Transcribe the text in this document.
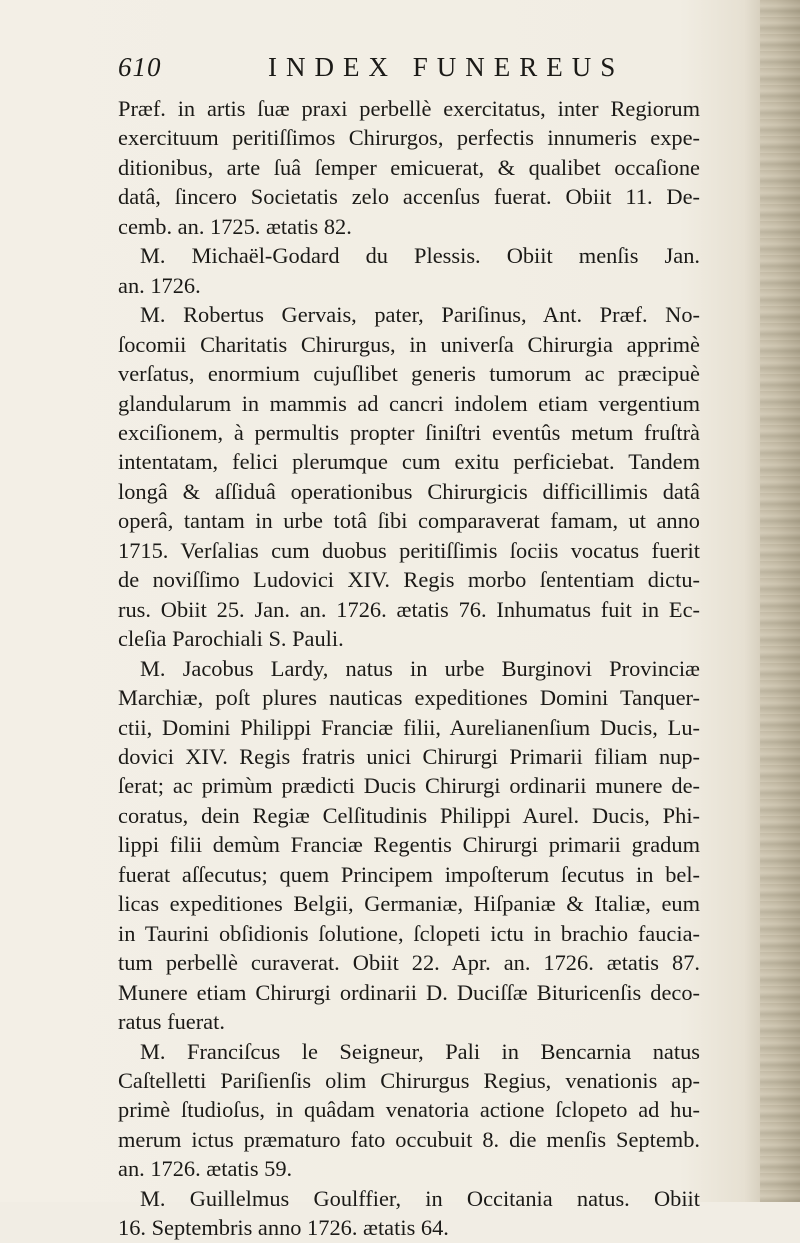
610	INDEX FUNEREUS
Præf. in artis ſuæ praxi perbellè exercitatus, inter Regiorum
exercituum peritiſſimos Chirurgos, perfectis innumeris expe-
ditionibus, arte ſuâ ſemper emicuerat, & qualibet occaſione
datâ, ſincero Societatis zelo accenſus fuerat. Obiit 11. De-
cemb. an. 1725. ætatis 82.
M. Michaël-Godard du Plessis. Obiit menſis Jan.
an. 1726.
M. Robertus Gervais, pater, Pariſinus, Ant. Præf. No-
ſocomii Charitatis Chirurgus, in univerſa Chirurgia apprimè
verſatus, enormium cujuſlibet generis tumorum ac præcipuè
glandularum in mammis ad cancri indolem etiam vergentium
exciſionem, à permultis propter ſiniſtri eventûs metum fruſtrà
intentatam, felici plerumque cum exitu perficiebat. Tandem
longâ & aſſiduâ operationibus Chirurgicis difficillimis datâ
operâ, tantam in urbe totâ ſibi comparaverat famam, ut anno
1715. Verſalias cum duobus peritiſſimis ſociis vocatus fuerit
de noviſſimo Ludovici XIV. Regis morbo ſententiam dictu-
rus. Obiit 25. Jan. an. 1726. ætatis 76. Inhumatus fuit in Ec-
cleſia Parochiali S. Pauli.
M. Jacobus Lardy, natus in urbe Burginovi Provinciæ
Marchiæ, poſt plures nauticas expeditiones Domini Tanquer-
ctii, Domini Philippi Franciæ filii, Aurelianenſium Ducis, Lu-
dovici XIV. Regis fratris unici Chirurgi Primarii filiam nup-
ſerat; ac primùm prædicti Ducis Chirurgi ordinarii munere de-
coratus, dein Regiæ Celſitudinis Philippi Aurel. Ducis, Phi-
lippi filii demùm Franciæ Regentis Chirurgi primarii gradum
fuerat aſſecutus; quem Principem impoſterum ſecutus in bel-
licas expeditiones Belgii, Germaniæ, Hiſpaniæ & Italiæ, eum
in Taurini obſidionis ſolutione, ſclopeti ictu in brachio faucia-
tum perbellè curaverat. Obiit 22. Apr. an. 1726. ætatis 87.
Munere etiam Chirurgi ordinarii D. Duciſſæ Bituricenſis deco-
ratus fuerat.
M. Franciſcus le Seigneur, Pali in Bencarnia natus
Caſtelletti Pariſienſis olim Chirurgus Regius, venationis ap-
primè ſtudioſus, in quâdam venatoria actione ſclopeto ad hu-
merum ictus præmaturo fato occubuit 8. die menſis Septemb.
an. 1726. ætatis 59.
M. Guillelmus Goulffier, in Occitania natus. Obiit
16. Septembris anno 1726. ætatis 64.
